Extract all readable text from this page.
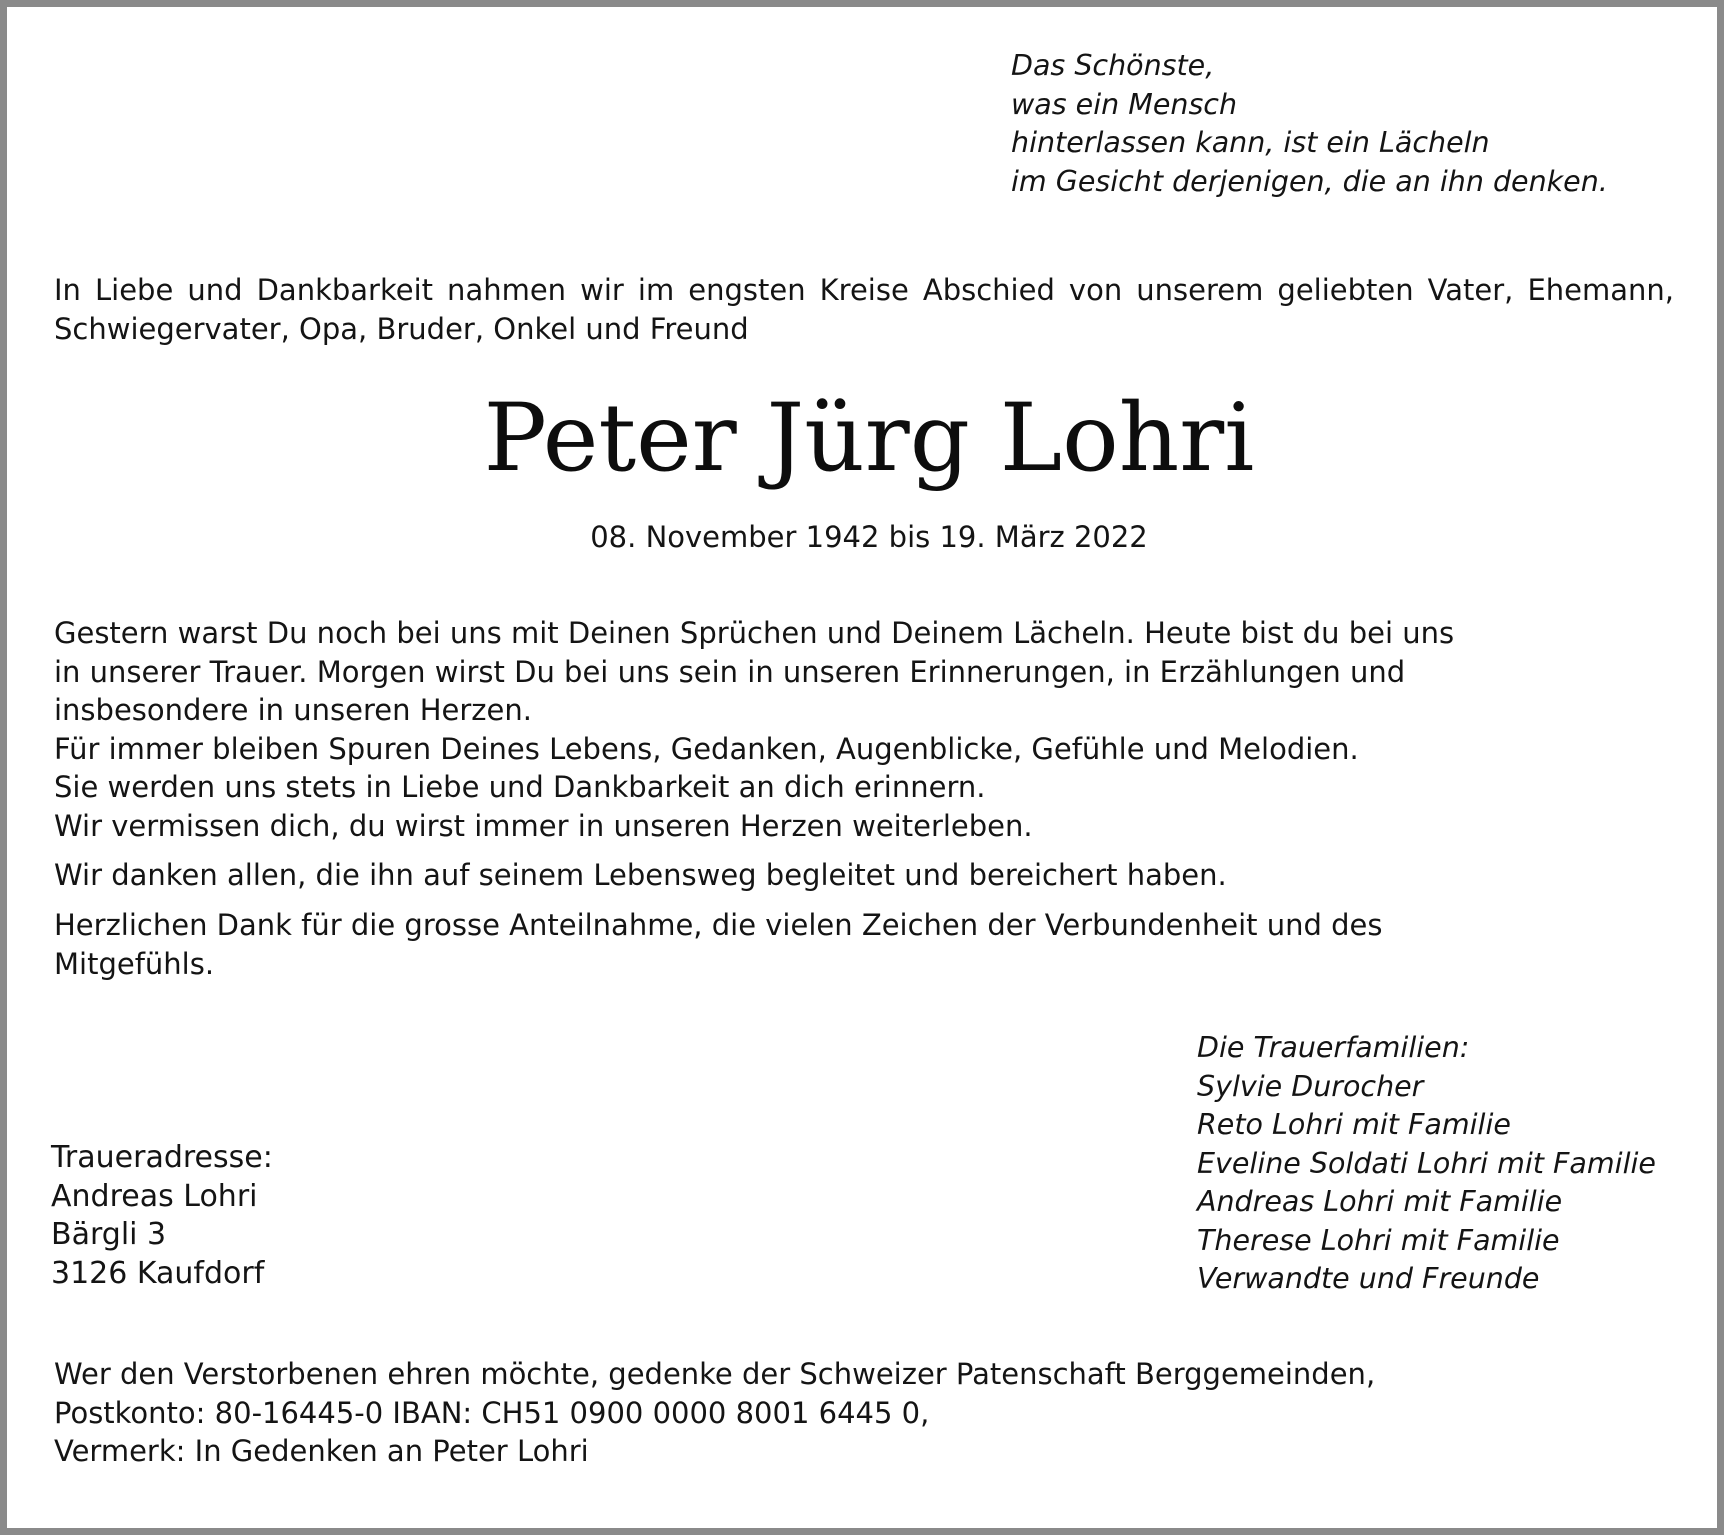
Das Schönste,
was ein Mensch
hinterlassen kann, ist ein Lächeln
im Gesicht derjenigen, die an ihn denken.
In Liebe und Dankbarkeit nahmen wir im engsten Kreise Abschied von unserem geliebten Vater, Ehemann, Schwiegervater, Opa, Bruder, Onkel und Freund
Peter Jürg Lohri
08. November 1942 bis 19. März 2022
Gestern warst Du noch bei uns mit Deinen Sprüchen und Deinem Lächeln. Heute bist du bei uns
in unserer Trauer. Morgen wirst Du bei uns sein in unseren Erinnerungen, in Erzählungen und
insbesondere in unseren Herzen.
Für immer bleiben Spuren Deines Lebens, Gedanken, Augenblicke, Gefühle und Melodien.
Sie werden uns stets in Liebe und Dankbarkeit an dich erinnern.
Wir vermissen dich, du wirst immer in unseren Herzen weiterleben.
Wir danken allen, die ihn auf seinem Lebensweg begleitet und bereichert haben.
Herzlichen Dank für die grosse Anteilnahme, die vielen Zeichen der Verbundenheit und des
Mitgefühls.
Die Trauerfamilien:
Sylvie Durocher
Reto Lohri mit Familie
Eveline Soldati Lohri mit Familie
Andreas Lohri mit Familie
Therese Lohri mit Familie
Verwandte und Freunde
Traueradresse:
Andreas Lohri
Bärgli 3
3126 Kaufdorf
Wer den Verstorbenen ehren möchte, gedenke der Schweizer Patenschaft Berggemeinden,
Postkonto: 80-16445-0 IBAN: CH51 0900 0000 8001 6445 0,
Vermerk: In Gedenken an Peter Lohri
